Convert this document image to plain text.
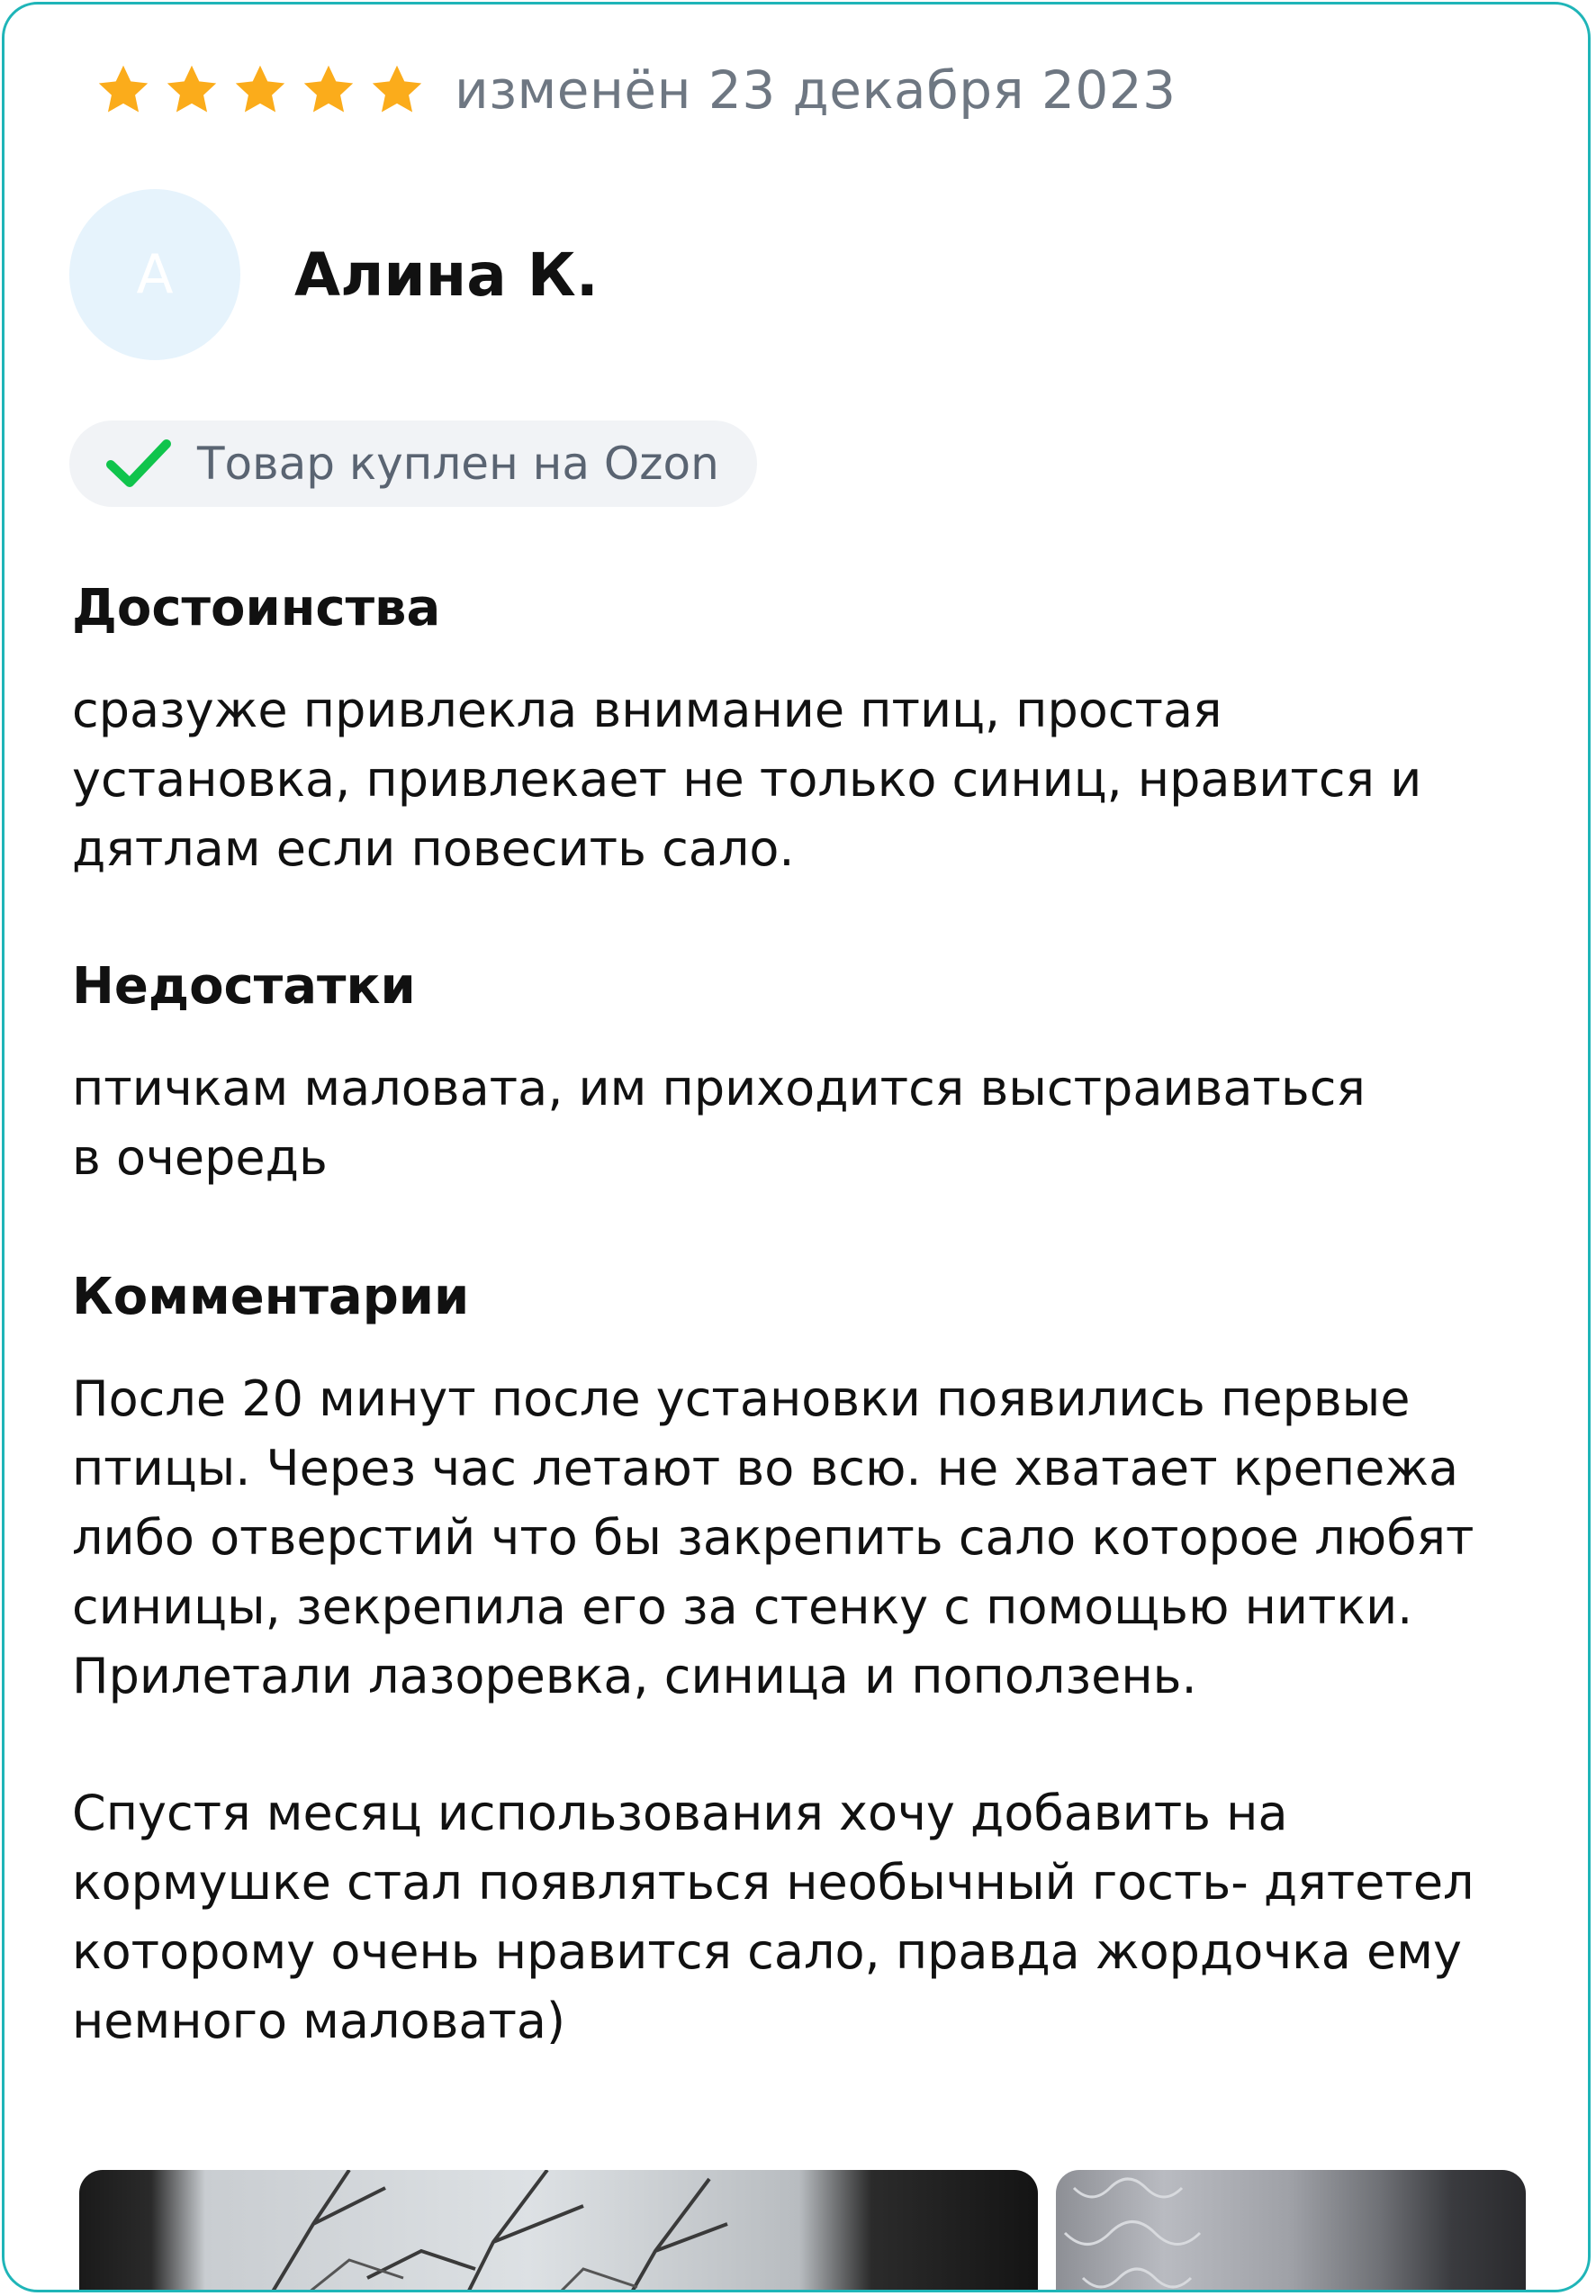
изменён 23 декабря 2023
А Алина К.
Товар куплен на Ozon

Достоинства

сразуже привлекла внимание птиц, простая
установка, привлекает не только синиц, нравится и
дятлам если повесить сало.

Недостатки

птичкам маловата, им приходится выстраиваться
в очередь

Комментарии

После 20 минут после установки появились первые
птицы. Через час летают во всю. не хватает крепежа
либо отверстий что бы закрепить сало которое любят
синицы, зекрепила его за стенку с помощью нитки.
Прилетали лазоревка, синица и поползень.

Спустя месяц использования хочу добавить на
кормушке стал появляться необычный гость- дятетел
которому очень нравится сало, правда жордочка ему
немного маловата)
